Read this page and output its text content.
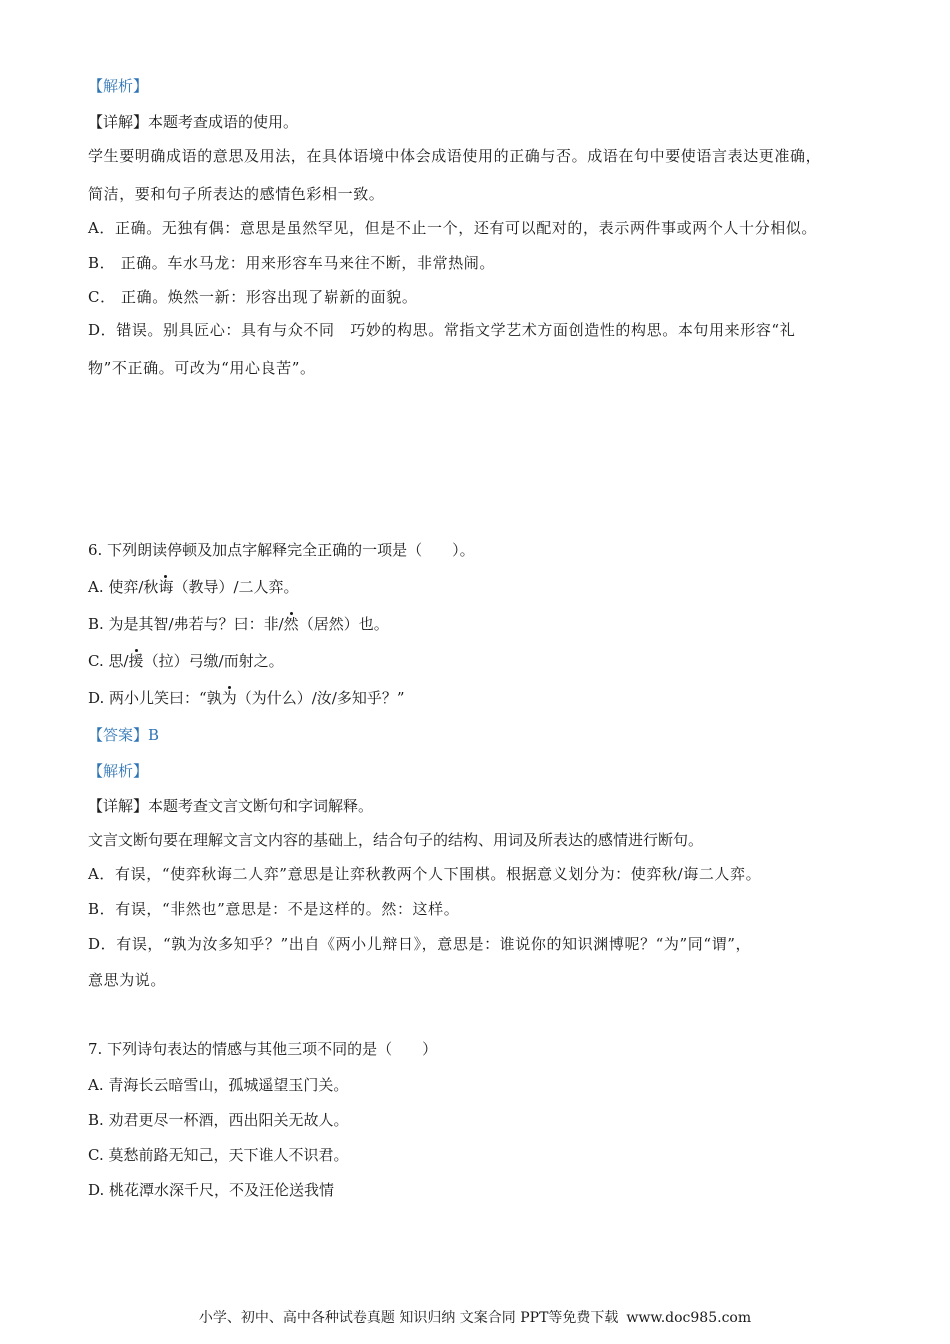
【解析】
【详解】本题考查成语的使用。
学生要明确成语的意思及用法，在具体语境中体会成语使用的正确与否。成语在句中要使语言表达更准确，
简洁，要和句子所表达的感情色彩相一致。
A．正确。无独有偶：意思是虽然罕见，但是不止一个，还有可以配对的，表示两件事或两个人十分相似。
B． 正确。车水马龙：用来形容车马来往不断，非常热闹。
C． 正确。焕然一新：形容出现了崭新的面貌。
D．错误。别具匠心：具有与众不同　巧妙的构思。常指文学艺术方面创造性的构思。本句用来形容“礼
物”不正确。可改为“用心良苦”。
6. 下列朗读停顿及加点字解释完全正确的一项是（　　）。
A. 使弈/秋诲（教导）/二人弈。
B. 为是其智/弗若与？曰：非/然（居然）也。
C. 思/援（拉）弓缴/而射之。
D. 两小儿笑曰：“孰为（为什么）/汝/多知乎？”
【答案】B
【解析】
【详解】本题考查文言文断句和字词解释。
文言文断句要在理解文言文内容的基础上，结合句子的结构、用词及所表达的感情进行断句。
A．有误，“使弈秋诲二人弈”意思是让弈秋教两个人下围棋。根据意义划分为：使弈秋/诲二人弈。
B．有误，“非然也”意思是：不是这样的。然：这样。
D．有误，“孰为汝多知乎？”出自《两小儿辩日》，意思是：谁说你的知识渊博呢？“为”同“谓”，
意思为说。
7. 下列诗句表达的情感与其他三项不同的是（　　）
A. 青海长云暗雪山，孤城遥望玉门关。
B. 劝君更尽一杯酒，西出阳关无故人。
C. 莫愁前路无知己，天下谁人不识君。
D. 桃花潭水深千尺，不及汪伦送我情
小学、初中、高中各种试卷真题 知识归纳 文案合同 PPT等免费下载 www.doc985.com
